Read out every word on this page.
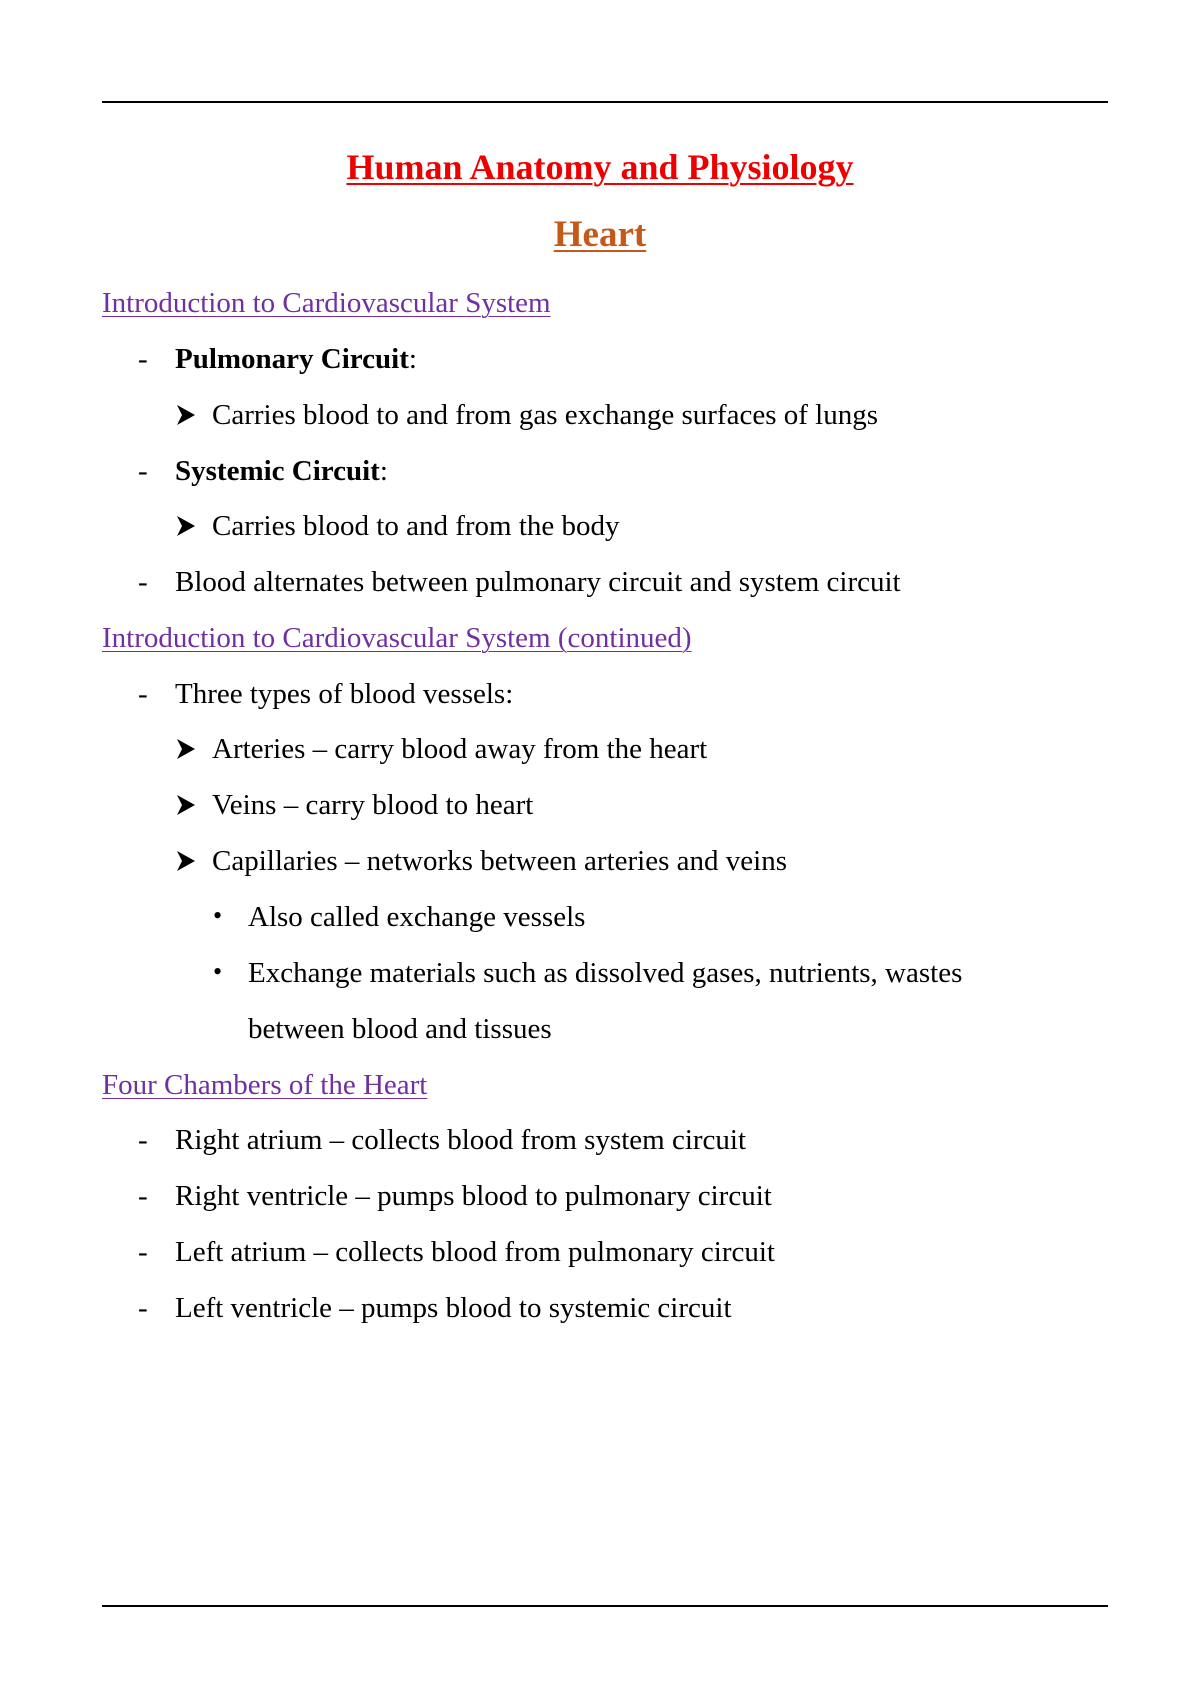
Human Anatomy and Physiology
Heart
Introduction to Cardiovascular System
- Pulmonary Circuit:
Carries blood to and from gas exchange surfaces of lungs
- Systemic Circuit:
Carries blood to and from the body
- Blood alternates between pulmonary circuit and system circuit
Introduction to Cardiovascular System (continued)
- Three types of blood vessels:
Arteries – carry blood away from the heart
Veins – carry blood to heart
Capillaries – networks between arteries and veins
• Also called exchange vessels
• Exchange materials such as dissolved gases, nutrients, wastes
between blood and tissues
Four Chambers of the Heart
- Right atrium – collects blood from system circuit
- Right ventricle – pumps blood to pulmonary circuit
- Left atrium – collects blood from pulmonary circuit
- Left ventricle – pumps blood to systemic circuit
